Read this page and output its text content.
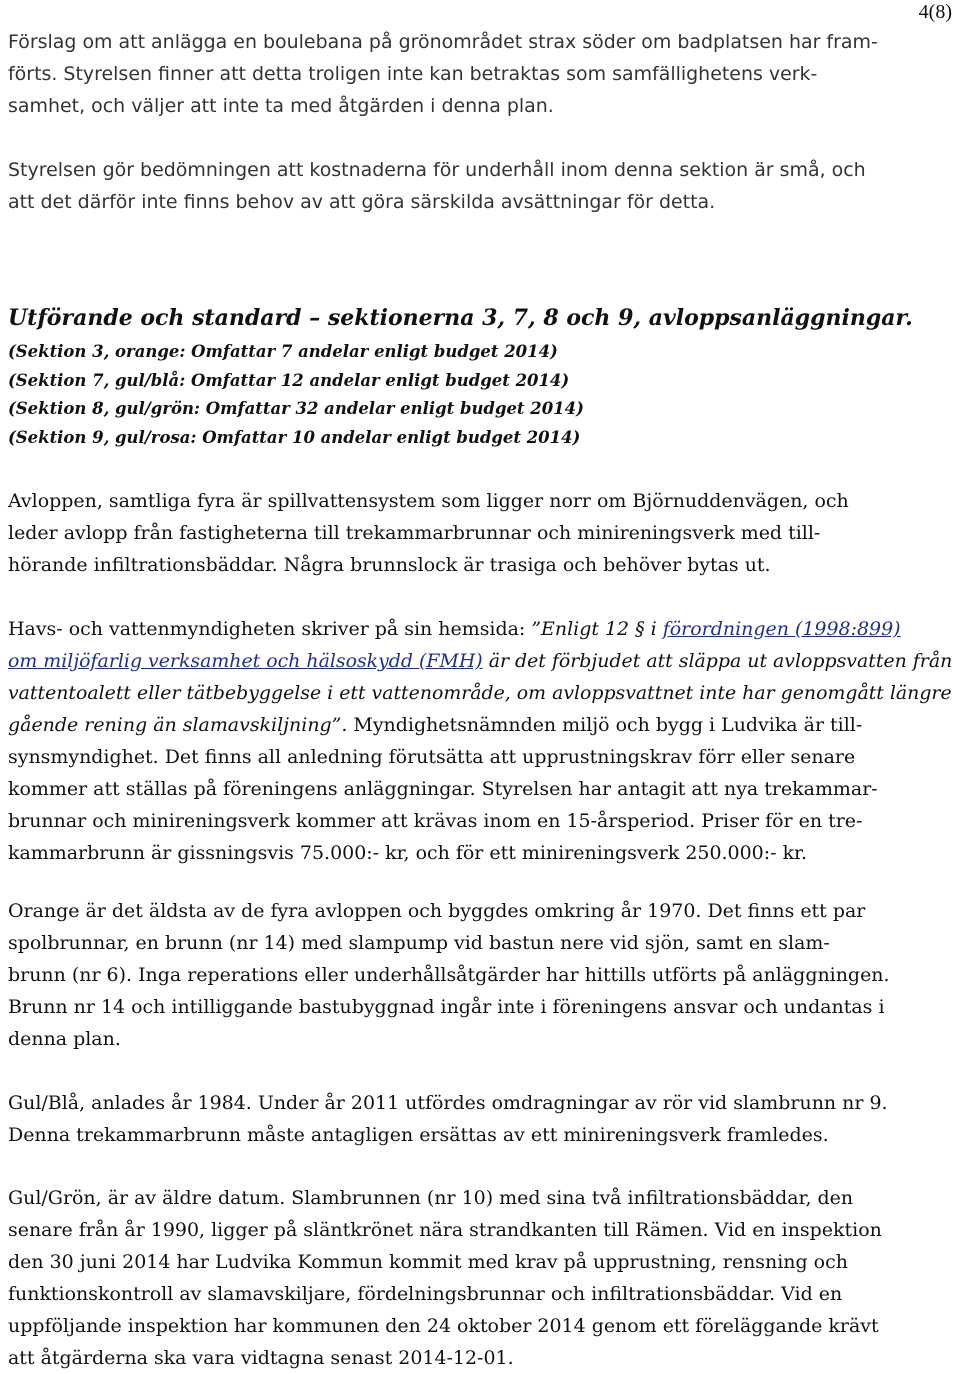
4(8)

Förslag om att anlägga en boulebana på grönområdet strax söder om badplatsen har fram-
förts. Styrelsen finner att detta troligen inte kan betraktas som samfällighetens verk-
samhet, och väljer att inte ta med åtgärden i denna plan.

Styrelsen gör bedömningen att kostnaderna för underhåll inom denna sektion är små, och
att det därför inte finns behov av att göra särskilda avsättningar för detta.

Utförande och standard – sektionerna 3, 7, 8 och 9, avloppsanläggningar.
(Sektion 3, orange: Omfattar 7 andelar enligt budget 2014)
(Sektion 7, gul/blå: Omfattar 12 andelar enligt budget 2014)
(Sektion 8, gul/grön: Omfattar 32 andelar enligt budget 2014)
(Sektion 9, gul/rosa: Omfattar 10 andelar enligt budget 2014)

Avloppen, samtliga fyra är spillvattensystem som ligger norr om Björnuddenvägen, och
leder avlopp från fastigheterna till trekammarbrunnar och minireningsverk med till-
hörande infiltrationsbäddar. Några brunnslock är trasiga och behöver bytas ut.

Havs- och vattenmyndigheten skriver på sin hemsida: ”Enligt 12 § i förordningen (1998:899)
om miljöfarlig verksamhet och hälsoskydd (FMH) är det förbjudet att släppa ut avloppsvatten från
vattentoalett eller tätbebyggelse i ett vattenområde, om avloppsvattnet inte har genomgått längre
gående rening än slamavskiljning”. Myndighetsnämnden miljö och bygg i Ludvika är till-
synsmyndighet. Det finns all anledning förutsätta att upprustningskrav förr eller senare
kommer att ställas på föreningens anläggningar. Styrelsen har antagit att nya trekammar-
brunnar och minireningsverk kommer att krävas inom en 15-årsperiod. Priser för en tre-
kammarbrunn är gissningsvis 75.000:- kr, och för ett minireningsverk 250.000:- kr.

Orange är det äldsta av de fyra avloppen och byggdes omkring år 1970. Det finns ett par
spolbrunnar, en brunn (nr 14) med slampump vid bastun nere vid sjön, samt en slam-
brunn (nr 6). Inga reperations eller underhållsåtgärder har hittills utförts på anläggningen.
Brunn nr 14 och intilliggande bastubyggnad ingår inte i föreningens ansvar och undantas i
denna plan.

Gul/Blå, anlades år 1984. Under år 2011 utfördes omdragningar av rör vid slambrunn nr 9.
Denna trekammarbrunn måste antagligen ersättas av ett minireningsverk framledes.

Gul/Grön, är av äldre datum. Slambrunnen (nr 10) med sina två infiltrationsbäddar, den
senare från år 1990, ligger på släntkrönet nära strandkanten till Rämen. Vid en inspektion
den 30 juni 2014 har Ludvika Kommun kommit med krav på upprustning, rensning och
funktionskontroll av slamavskiljare, fördelningsbrunnar och infiltrationsbäddar. Vid en
uppföljande inspektion har kommunen den 24 oktober 2014 genom ett föreläggande krävt
att åtgärderna ska vara vidtagna senast 2014-12-01.
